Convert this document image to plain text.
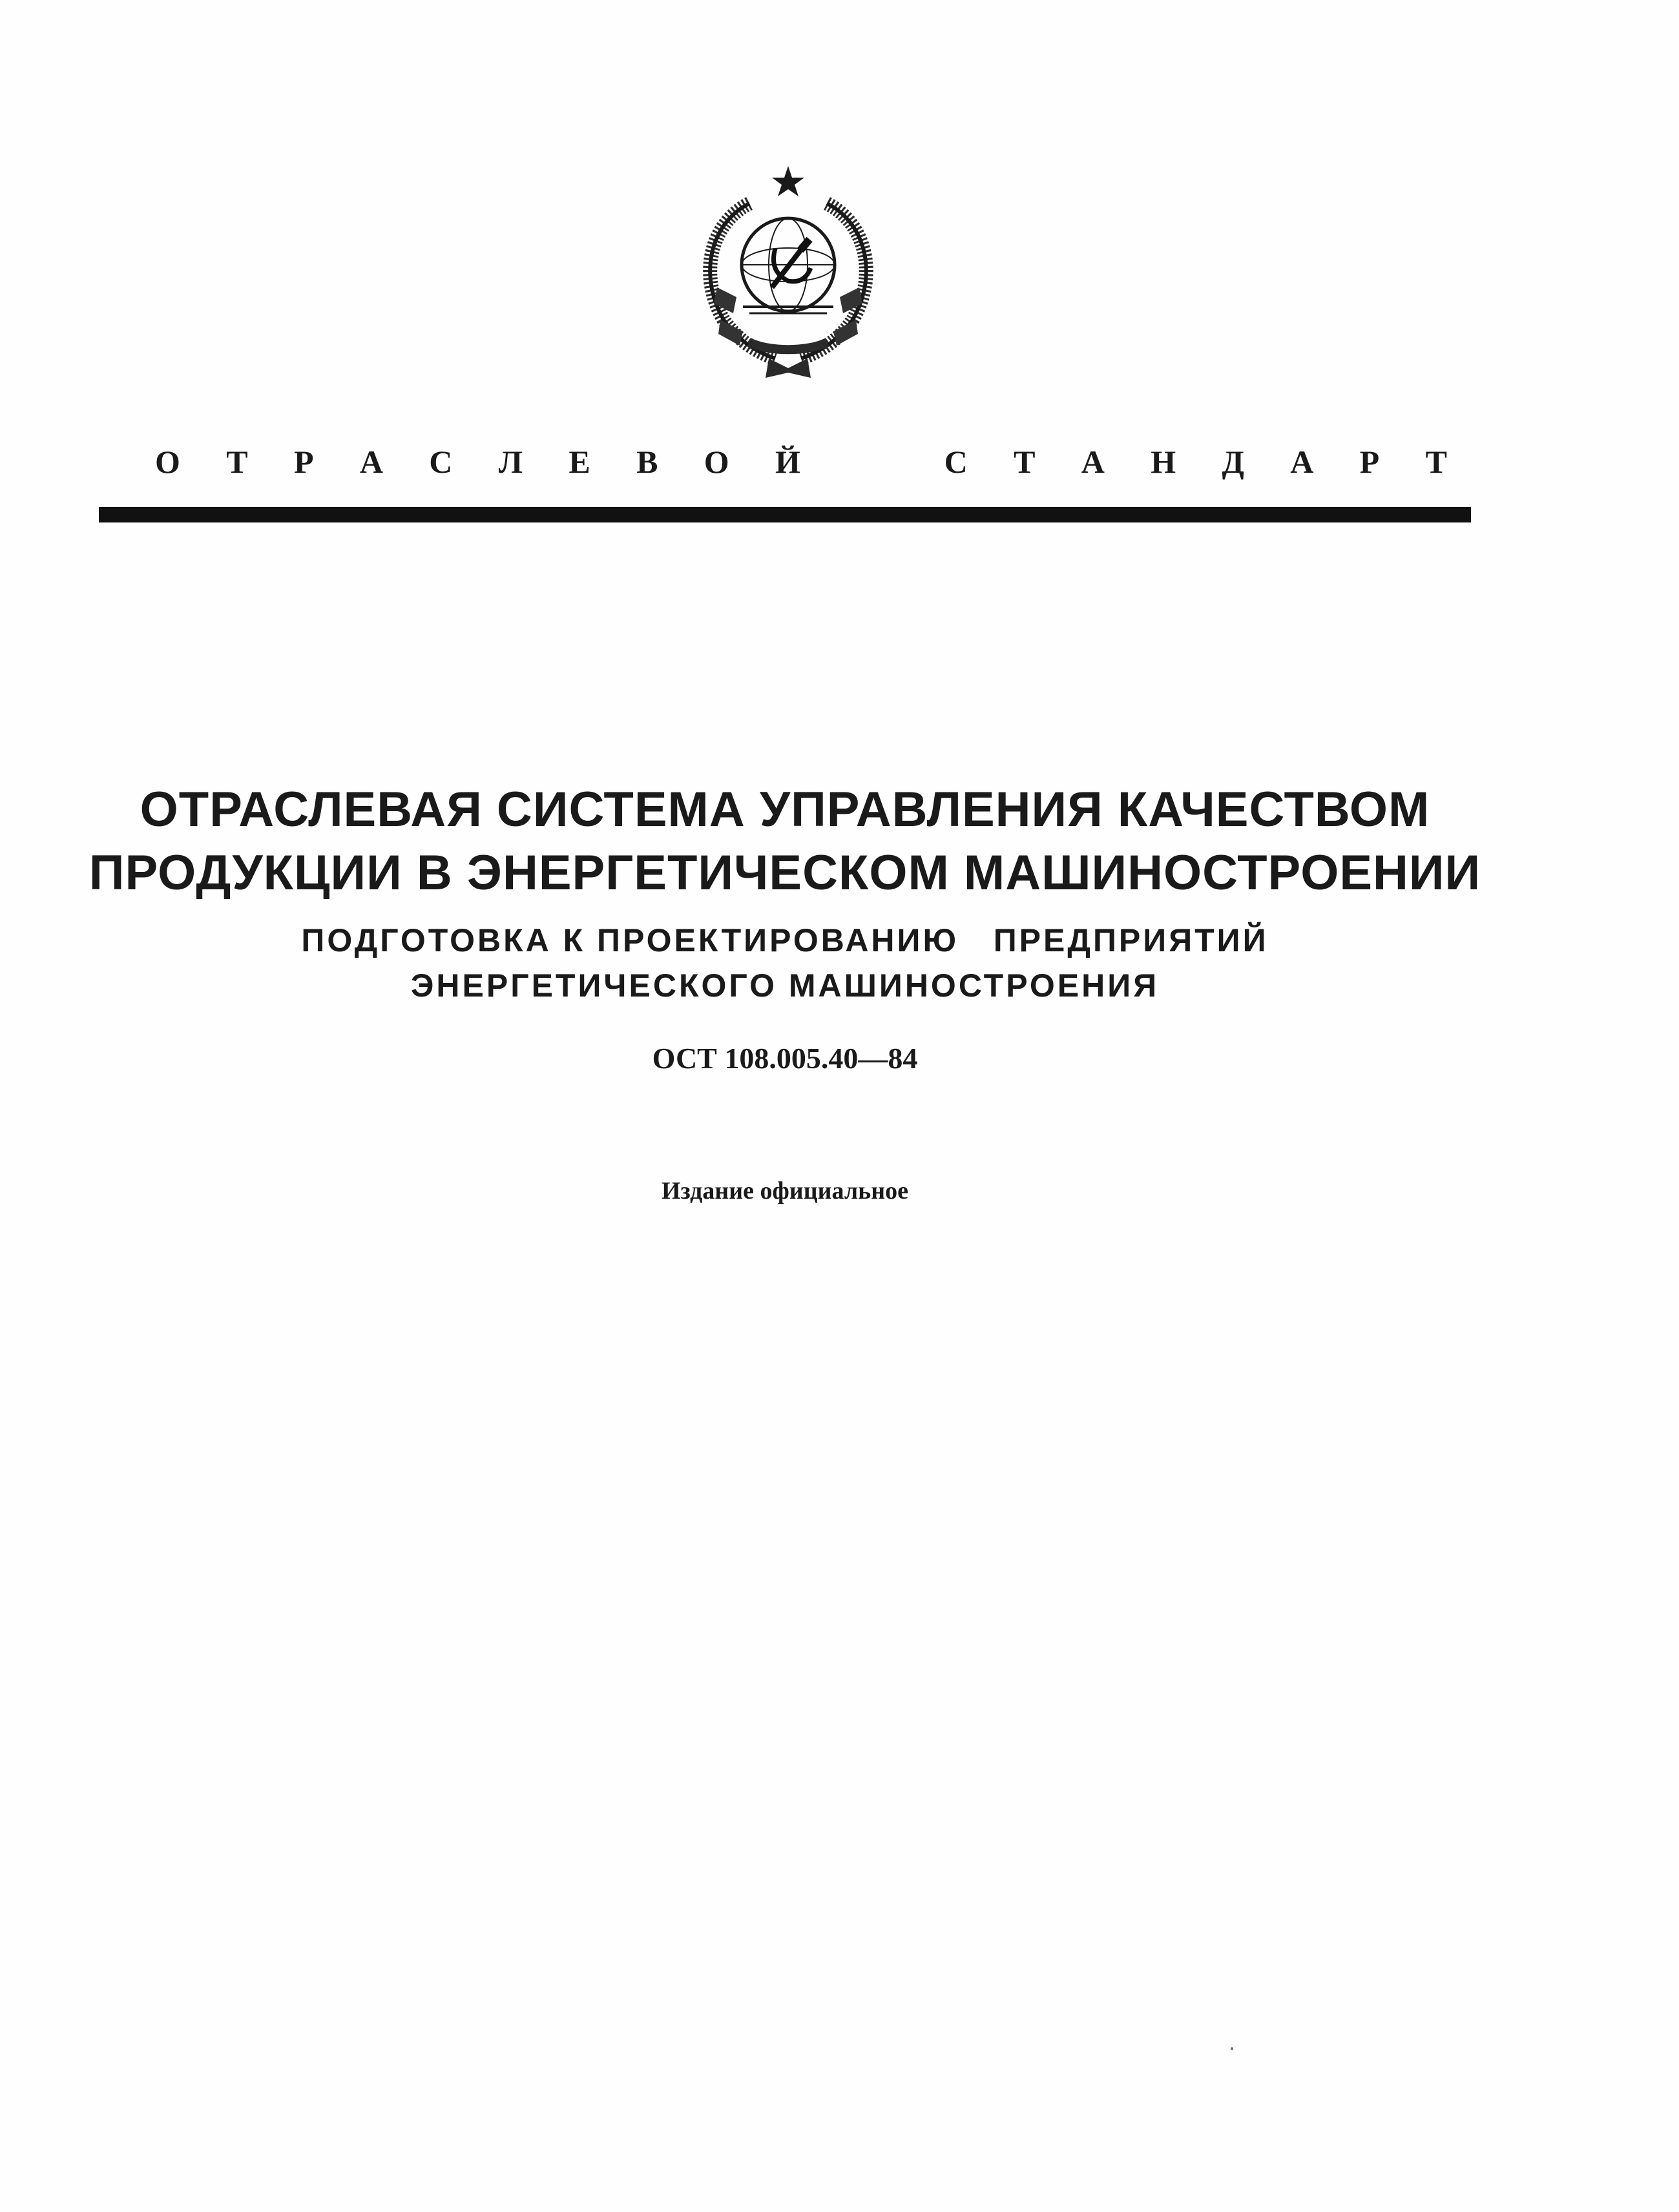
О Т Р А С Л Е В О Й	С Т А Н Д А Р Т

ОТРАСЛЕВАЯ СИСТЕМА УПРАВЛЕНИЯ КАЧЕСТВОМ

ПРОДУКЦИИ В ЭНЕРГЕТИЧЕСКОМ МАШИНОСТРОЕНИИ

ПОДГОТОВКА К ПРОЕКТИРОВАНИЮ   ПРЕДПРИЯТИЙ

ЭНЕРГЕТИЧЕСКОГО МАШИНОСТРОЕНИЯ

ОСТ 108.005.40—84
Издание официальное
